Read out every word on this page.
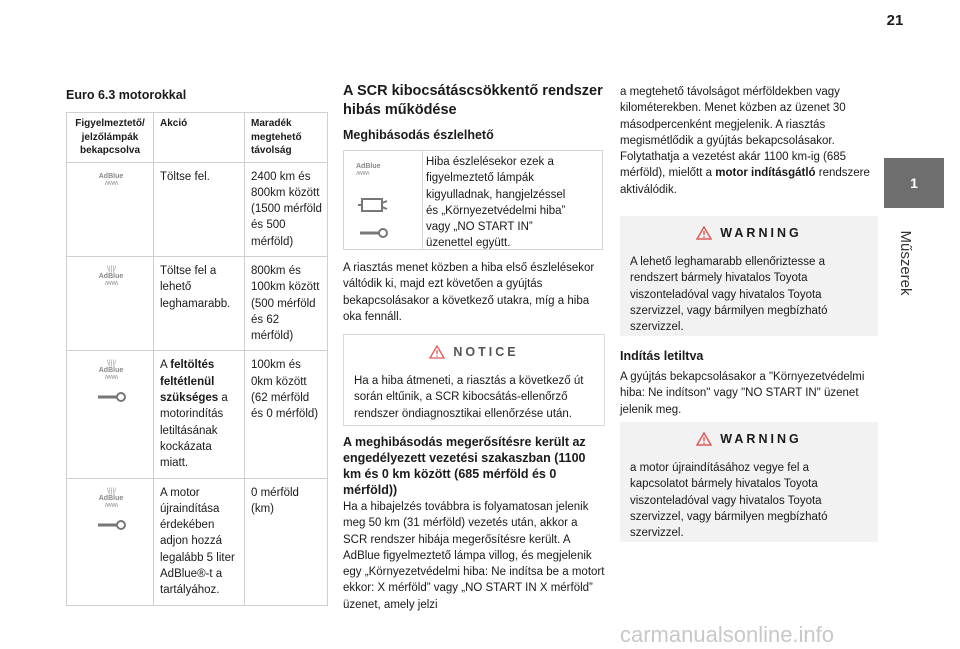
21
1
Műszerek
Euro 6.3 motorokkal
Figyelmeztető/ jelzőlámpák bekapcsolva	Akció	Maradék megtehető távolság

AdBlue
ʌʌʌʌʌ	Töltse fel.	2400 km és 800km között (1500 mérföld és 500 mérföld)

\ | | | /
AdBlue
ʌʌʌʌʌ	Töltse fel a lehető leghamarabb.	800km és 100km között (500 mérföld és 62 mérföld)

\ | | | /
AdBlue
ʌʌʌʌʌ	A feltöltés feltétlenül szükséges a motorindítás letiltásának kockázata miatt.	100km és 0km között (62 mérföld és 0 mérföld)

\ | | | /
AdBlue
ʌʌʌʌʌ	A motor újraindítása érdekében adjon hozzá legalább 5 liter AdBlue®-t a tartályához.	0 mérföld (km)
A SCR kibocsátáscsökkentő rendszer hibás működése
Meghibásodás észlelhető
AdBlue
ʌʌʌʌʌ
Hiba észlelésekor ezek a figyelmeztető lámpák kigyulladnak, hangjelzéssel és „Környezetvédelmi hiba” vagy „NO START IN” üzenettel együtt.
A riasztás menet közben a hiba első észlelésekor váltódik ki, majd ezt követően a gyújtás bekapcsolásakor a következő utakra, míg a hiba oka fennáll.
NOTICE
Ha a hiba átmeneti, a riasztás a következő út során eltűnik, a SCR kibocsátás-ellenőrző rendszer öndiagnosztikai ellenőrzése után.
A meghibásodás megerősítésre került az engedélyezett vezetési szakaszban (1100 km és 0 km között (685 mérföld és 0 mérföld))
Ha a hibajelzés továbbra is folyamatosan jelenik meg 50 km (31 mérföld) vezetés után, akkor a SCR rendszer hibája megerősítésre került. A AdBlue figyelmeztető lámpa villog, és megjelenik egy „Környezetvédelmi hiba: Ne indítsa be a motort ekkor: X mérföld” vagy „NO START IN X mérföld” üzenet, amely jelzi
a megtehető távolságot mérföldekben vagy kilométerekben. Menet közben az üzenet 30 másodpercenként megjelenik. A riasztás megismétlődik a gyújtás bekapcsolásakor. Folytathatja a vezetést akár 1100 km-ig (685 mérföld), mielőtt a motor indításgátló rendszere aktiválódik.
WARNING
A lehető leghamarabb ellenőriztesse a rendszert bármely hivatalos Toyota viszonteladóval vagy hivatalos Toyota szervizzel, vagy bármilyen megbízható szervizzel.
Indítás letiltva
A gyújtás bekapcsolásakor a "Környezetvédelmi hiba: Ne indítson" vagy "NO START IN" üzenet jelenik meg.
WARNING
a motor újraindításához vegye fel a kapcsolatot bármely hivatalos Toyota viszonteladóval vagy hivatalos Toyota szervizzel, vagy bármilyen megbízható szervizzel.
carmanualsonline.info
